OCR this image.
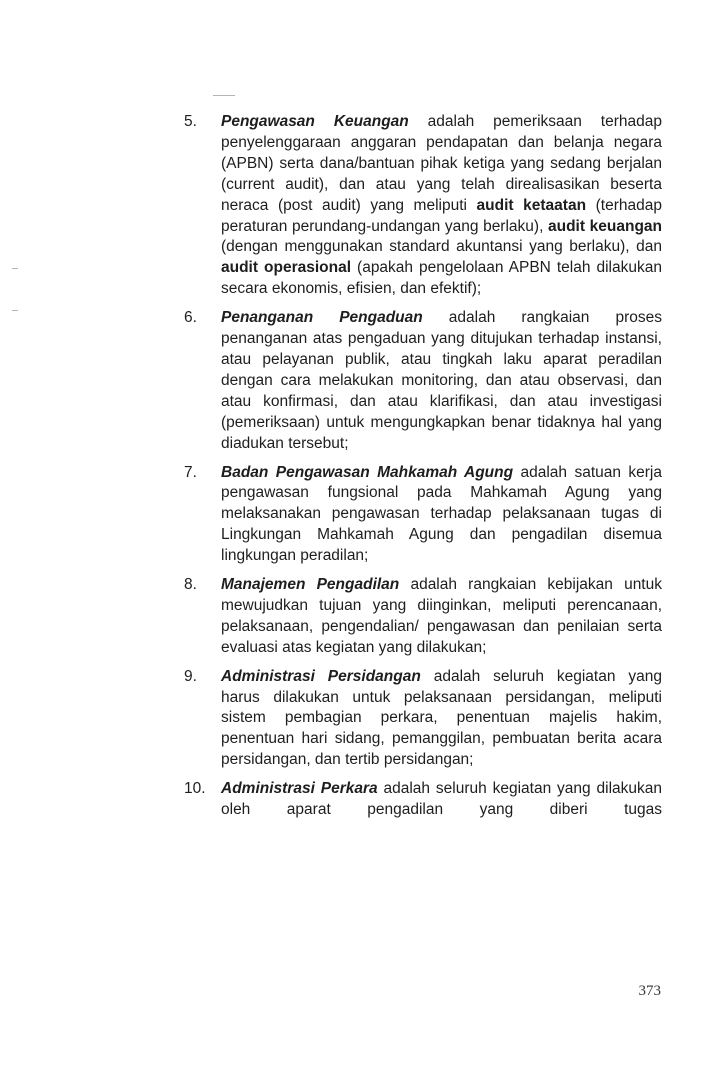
5. Pengawasan Keuangan adalah pemeriksaan terhadap penyelenggaraan anggaran pendapatan dan belanja negara (APBN) serta dana/bantuan pihak ketiga yang sedang berjalan (current audit), dan atau yang telah direalisasikan beserta neraca (post audit) yang meliputi audit ketaatan (terhadap peraturan perundang-undangan yang berlaku), audit keuangan (dengan menggunakan standard akuntansi yang berlaku), dan audit operasional (apakah pengelolaan APBN telah dilakukan secara ekonomis, efisien, dan efektif);
6. Penanganan Pengaduan adalah rangkaian proses penanganan atas pengaduan yang ditujukan terhadap instansi, atau pelayanan publik, atau tingkah laku aparat peradilan dengan cara melakukan monitoring, dan atau observasi, dan atau konfirmasi, dan atau klarifikasi, dan atau investigasi (pemeriksaan) untuk mengungkapkan benar tidaknya hal yang diadukan tersebut;
7. Badan Pengawasan Mahkamah Agung adalah satuan kerja pengawasan fungsional pada Mahkamah Agung yang melaksanakan pengawasan terhadap pelaksanaan tugas di Lingkungan Mahkamah Agung dan pengadilan disemua lingkungan peradilan;
8. Manajemen Pengadilan adalah rangkaian kebijakan untuk mewujudkan tujuan yang diinginkan, meliputi perencanaan, pelaksanaan, pengendalian/ pengawasan dan penilaian serta evaluasi atas kegiatan yang dilakukan;
9. Administrasi Persidangan adalah seluruh kegiatan yang harus dilakukan untuk pelaksanaan persidangan, meliputi sistem pembagian perkara, penentuan majelis hakim, penentuan hari sidang, pemanggilan, pembuatan berita acara persidangan, dan tertib persidangan;
10. Administrasi Perkara adalah seluruh kegiatan yang dilakukan oleh aparat pengadilan yang diberi tugas
373
